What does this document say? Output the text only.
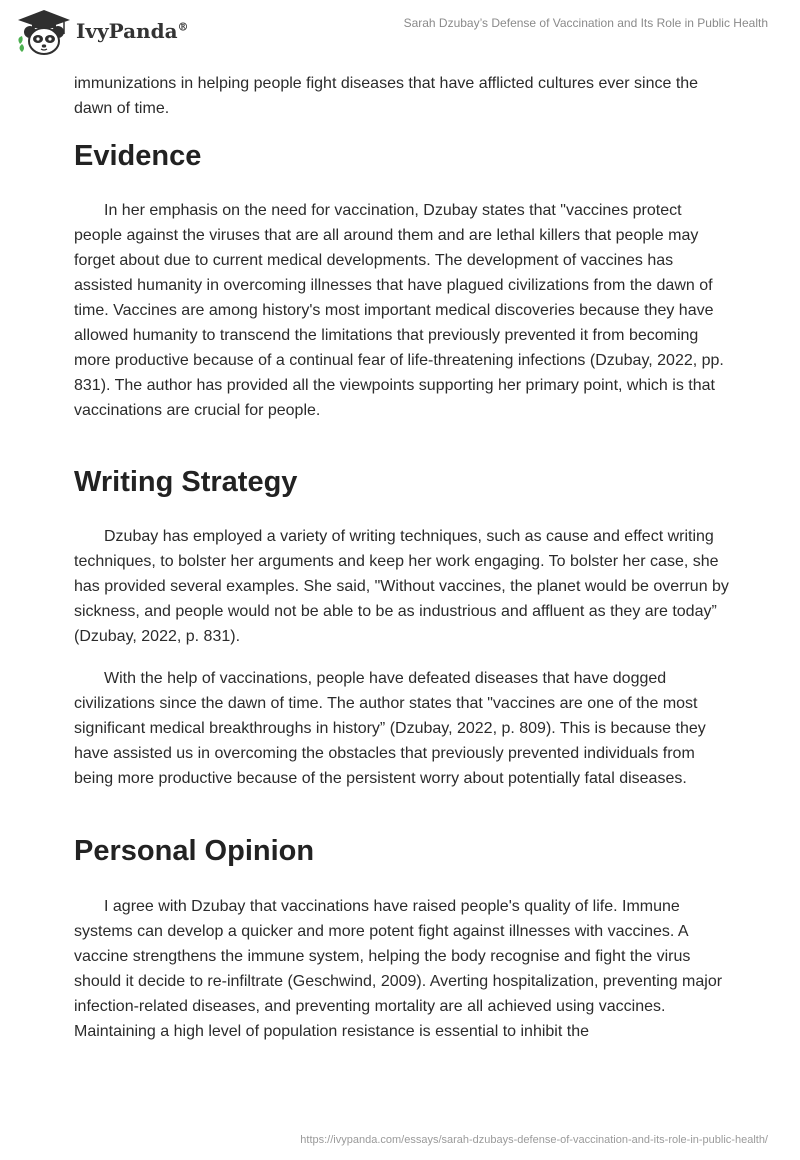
IvyPanda®	Sarah Dzubay’s Defense of Vaccination and Its Role in Public Health

immunizations in helping people fight diseases that have afflicted cultures ever since the dawn of time.

Evidence

In her emphasis on the need for vaccination, Dzubay states that "vaccines protect people against the viruses that are all around them and are lethal killers that people may forget about due to current medical developments. The development of vaccines has assisted humanity in overcoming illnesses that have plagued civilizations from the dawn of time. Vaccines are among history's most important medical discoveries because they have allowed humanity to transcend the limitations that previously prevented it from becoming more productive because of a continual fear of life-threatening infections (Dzubay, 2022, pp. 831). The author has provided all the viewpoints supporting her primary point, which is that vaccinations are crucial for people.

Writing Strategy

Dzubay has employed a variety of writing techniques, such as cause and effect writing techniques, to bolster her arguments and keep her work engaging. To bolster her case, she has provided several examples. She said, "Without vaccines, the planet would be overrun by sickness, and people would not be able to be as industrious and affluent as they are today” (Dzubay, 2022, p. 831).

With the help of vaccinations, people have defeated diseases that have dogged civilizations since the dawn of time. The author states that "vaccines are one of the most significant medical breakthroughs in history” (Dzubay, 2022, p. 809). This is because they have assisted us in overcoming the obstacles that previously prevented individuals from being more productive because of the persistent worry about potentially fatal diseases.

Personal Opinion

I agree with Dzubay that vaccinations have raised people's quality of life. Immune systems can develop a quicker and more potent fight against illnesses with vaccines. A vaccine strengthens the immune system, helping the body recognise and fight the virus should it decide to re-infiltrate (Geschwind, 2009). Averting hospitalization, preventing major infection-related diseases, and preventing mortality are all achieved using vaccines. Maintaining a high level of population resistance is essential to inhibit the

https://ivypanda.com/essays/sarah-dzubays-defense-of-vaccination-and-its-role-in-public-health/
